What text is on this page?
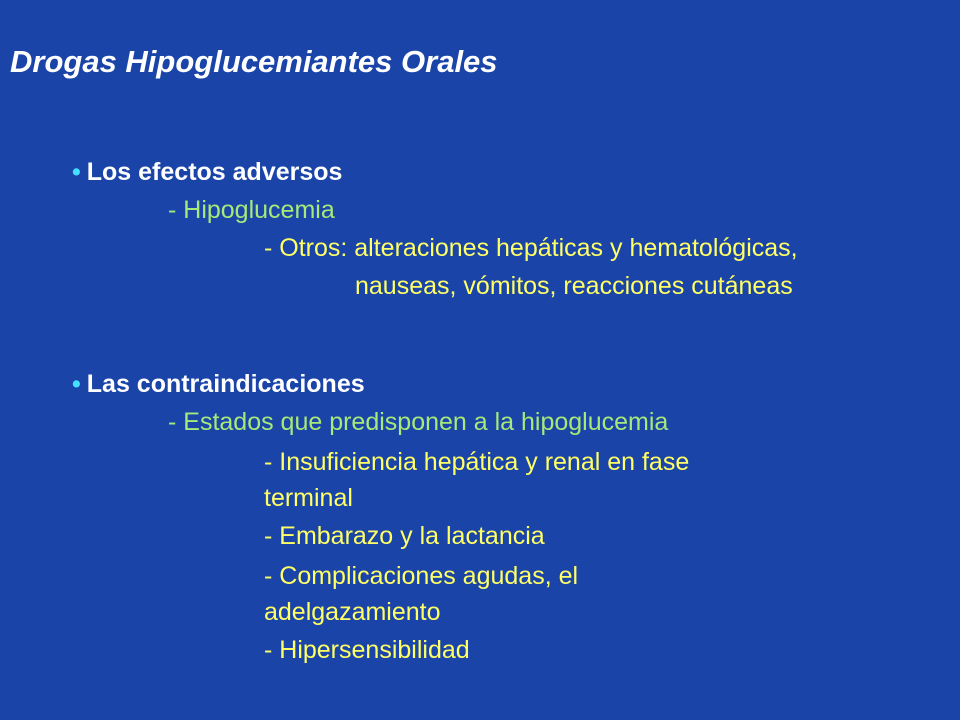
Drogas Hipoglucemiantes Orales

• Los efectos adversos

- Hipoglucemia

- Otros: alteraciones hepáticas y hematológicas,

nauseas, vómitos, reacciones cutáneas

• Las contraindicaciones

- Estados que predisponen a la hipoglucemia

- Insuficiencia hepática y renal en fase

terminal

- Embarazo y la lactancia

- Complicaciones agudas, el

adelgazamiento

- Hipersensibilidad
